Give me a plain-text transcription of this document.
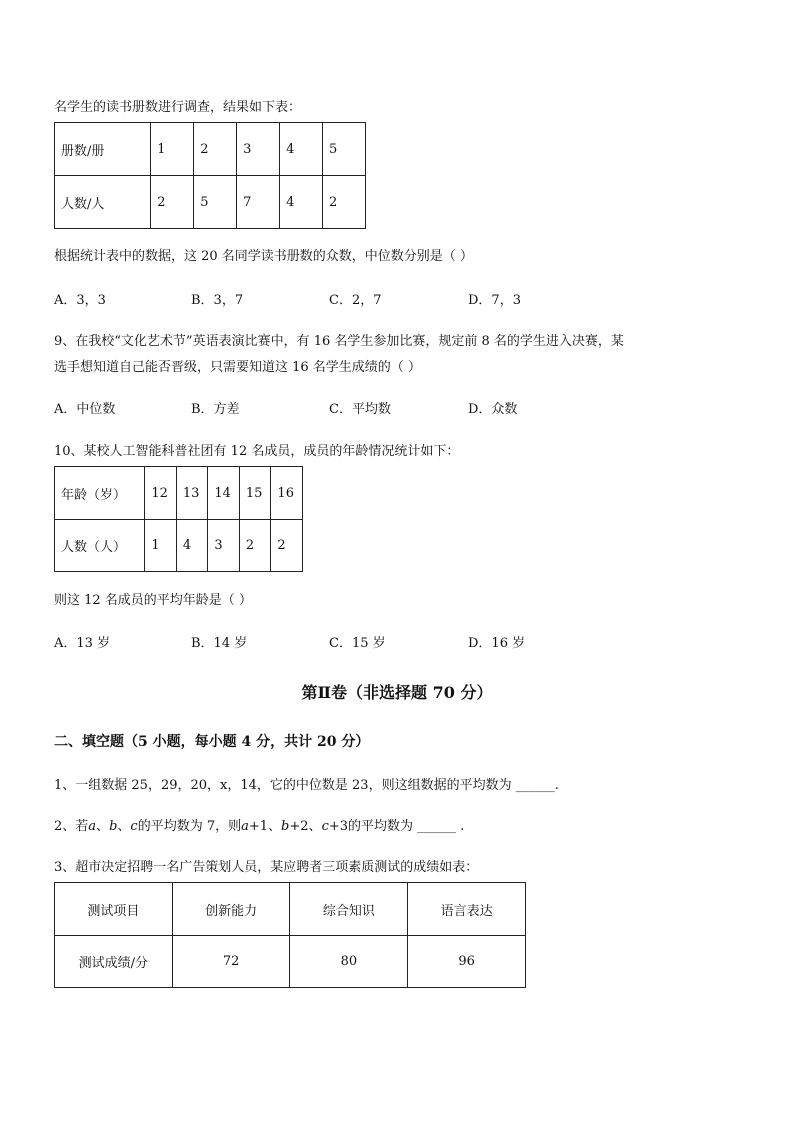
名学生的读书册数进行调查，结果如下表：
册数/册	1	2	3	4	5
人数/人	2	5	7	4	2
根据统计表中的数据，这 20 名同学读书册数的众数，中位数分别是（ ）
A．3，3	B．3，7	C．2，7	D．7，3
9、在我校“文化艺术节”英语表演比赛中，有 16 名学生参加比赛，规定前 8 名的学生进入决赛，某
选手想知道自己能否晋级，只需要知道这 16 名学生成绩的（ ）
A．中位数	B．方差	C．平均数	D．众数
10、某校人工智能科普社团有 12 名成员，成员的年龄情况统计如下：
年龄（岁）	12	13	14	15	16
人数（人）	1	4	3	2	2
则这 12 名成员的平均年龄是（ ）
A．13 岁	B．14 岁	C．15 岁	D．16 岁
第Ⅱ卷（非选择题 70 分）
二、填空题（5 小题，每小题 4 分，共计 20 分）
1、一组数据 25，29，20，x，14，它的中位数是 23，则这组数据的平均数为 ______.
2、若a、b、c的平均数为 7，则a+1、b+2、c+3的平均数为 ______ .
3、超市决定招聘一名广告策划人员，某应聘者三项素质测试的成绩如表：
测试项目	创新能力	综合知识	语言表达
测试成绩/分	72	80	96
